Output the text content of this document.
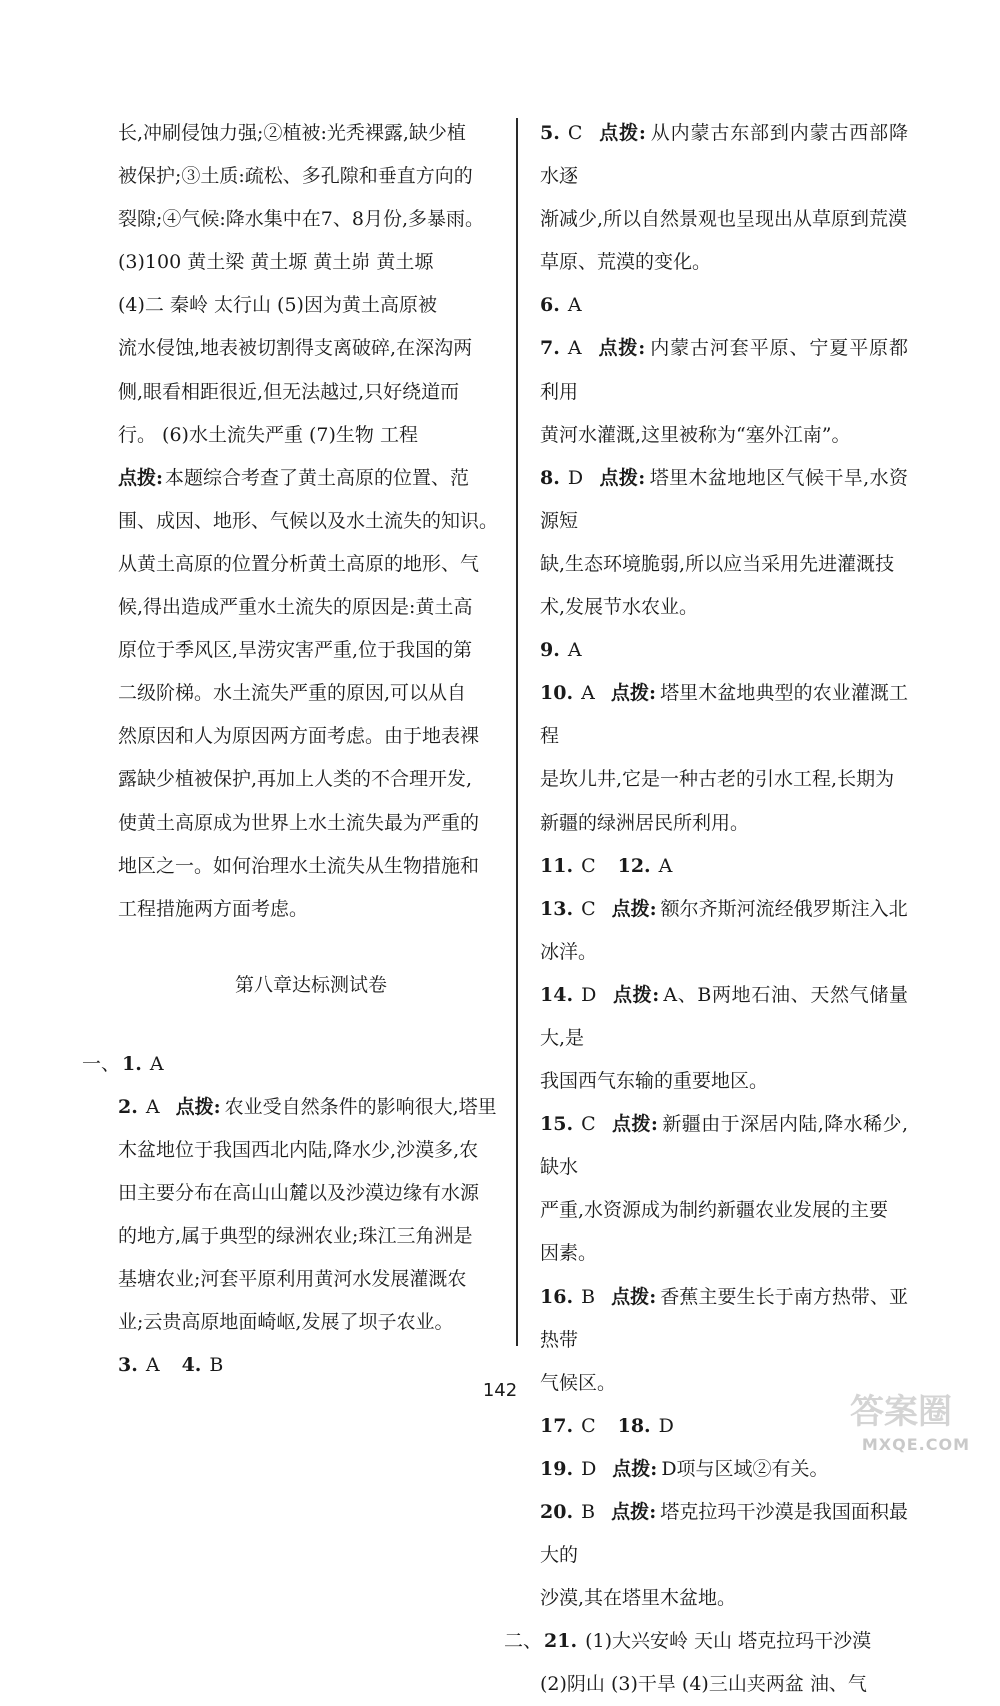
长,冲刷侵蚀力强;②植被:光秃裸露,缺少植

被保护;③土质:疏松、多孔隙和垂直方向的

裂隙;④气候:降水集中在7、8月份,多暴雨。

(3)100 黄土梁 黄土塬 黄土峁 黄土塬

(4)二 秦岭 太行山 (5)因为黄土高原被

流水侵蚀,地表被切割得支离破碎,在深沟两

侧,眼看相距很近,但无法越过,只好绕道而

行。 (6)水土流失严重 (7)生物 工程

点拨: 本题综合考查了黄土高原的位置、范

围、成因、地形、气候以及水土流失的知识。

从黄土高原的位置分析黄土高原的地形、气

候,得出造成严重水土流失的原因是:黄土高

原位于季风区,旱涝灾害严重,位于我国的第

二级阶梯。水土流失严重的原因,可以从自

然原因和人为原因两方面考虑。由于地表裸

露缺少植被保护,再加上人类的不合理开发,

使黄土高原成为世界上水土流失最为严重的

地区之一。如何治理水土流失从生物措施和

工程措施两方面考虑。

第八章达标测试卷

一、 1. A

2. A 点拨: 农业受自然条件的影响很大,塔里

木盆地位于我国西北内陆,降水少,沙漠多,农

田主要分布在高山山麓以及沙漠边缘有水源

的地方,属于典型的绿洲农业;珠江三角洲是

基塘农业;河套平原利用黄河水发展灌溉农

业;云贵高原地面崎岖,发展了坝子农业。

3. A 4. B

5. C 点拨: 从内蒙古东部到内蒙古西部降水逐

渐减少,所以自然景观也呈现出从草原到荒漠

草原、荒漠的变化。

6. A

7. A 点拨: 内蒙古河套平原、宁夏平原都利用

黄河水灌溉,这里被称为“塞外江南”。

8. D 点拨: 塔里木盆地地区气候干旱,水资源短

缺,生态环境脆弱,所以应当采用先进灌溉技

术,发展节水农业。

9. A

10. A 点拨: 塔里木盆地典型的农业灌溉工程

是坎儿井,它是一种古老的引水工程,长期为

新疆的绿洲居民所利用。

11. C 12. A

13. C 点拨: 额尔齐斯河流经俄罗斯注入北

冰洋。

14. D 点拨: A、B两地石油、天然气储量大,是

我国西气东输的重要地区。

15. C 点拨: 新疆由于深居内陆,降水稀少,缺水

严重,水资源成为制约新疆农业发展的主要

因素。

16. B 点拨: 香蕉主要生长于南方热带、亚热带

气候区。

17. C 18. D

19. D 点拨: D项与区域②有关。

20. B 点拨: 塔克拉玛干沙漠是我国面积最大的

沙漠,其在塔里木盆地。

二、 21. (1)大兴安岭 天山 塔克拉玛干沙漠

(2)阴山 (3)干旱 (4)三山夹两盆 油、气

142
答案圈
MXQE.COM
